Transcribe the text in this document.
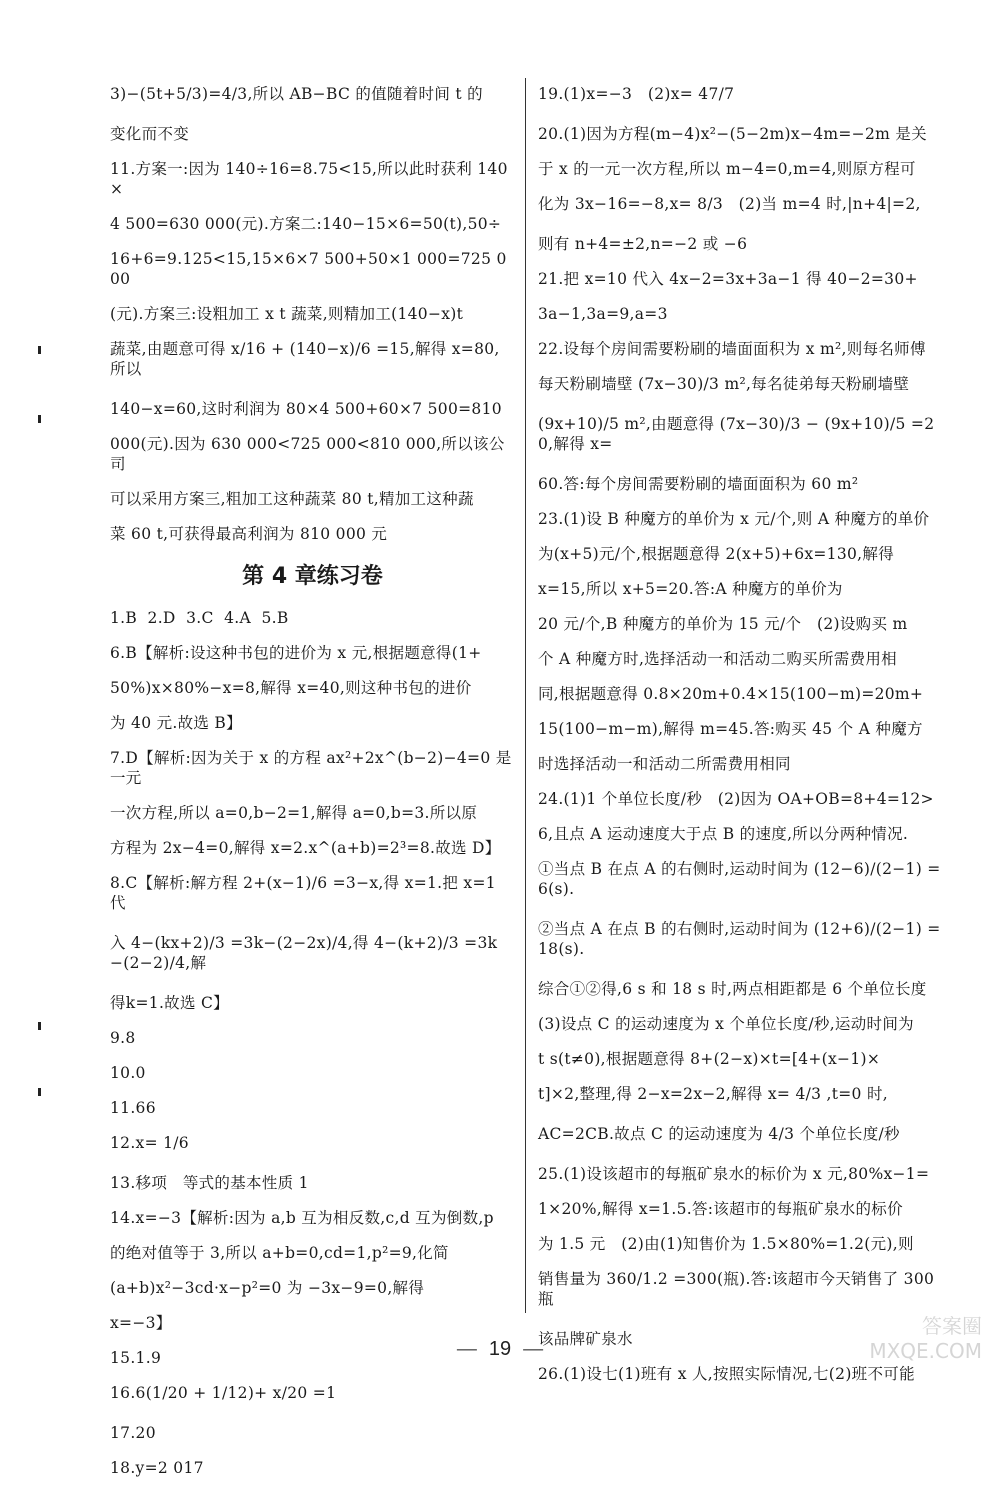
3)−(5t+5/3)=4/3,所以 AB−BC 的值随着时间 t 的
变化而不变
11.方案一:因为 140÷16=8.75<15,所以此时获利 140×
4 500=630 000(元).方案二:140−15×6=50(t),50÷
16+6=9.125<15,15×6×7 500+50×1 000=725 000
(元).方案三:设粗加工 x t 蔬菜,则精加工(140−x)t
蔬菜,由题意可得 x/16 + (140−x)/6 =15,解得 x=80,所以
140−x=60,这时利润为 80×4 500+60×7 500=810
000(元).因为 630 000<725 000<810 000,所以该公司
可以采用方案三,粗加工这种蔬菜 80 t,精加工这种蔬
菜 60 t,可获得最高利润为 810 000 元
第 4 章练习卷
1.B  2.D  3.C  4.A  5.B
6.B【解析:设这种书包的进价为 x 元,根据题意得(1+
50%)x×80%−x=8,解得 x=40,则这种书包的进价
为 40 元.故选 B】
7.D【解析:因为关于 x 的方程 ax²+2x^(b−2)−4=0 是一元
一次方程,所以 a=0,b−2=1,解得 a=0,b=3.所以原
方程为 2x−4=0,解得 x=2.x^(a+b)=2³=8.故选 D】
8.C【解析:解方程 2+(x−1)/6 =3−x,得 x=1.把 x=1 代
入 4−(kx+2)/3 =3k−(2−2x)/4,得 4−(k+2)/3 =3k−(2−2)/4,解
得k=1.故选 C】
9.8
10.0
11.66
12.x= 1/6
13.移项   等式的基本性质 1
14.x=−3【解析:因为 a,b 互为相反数,c,d 互为倒数,p
的绝对值等于 3,所以 a+b=0,cd=1,p²=9,化简
(a+b)x²−3cd·x−p²=0 为 −3x−9=0,解得
x=−3】
15.1.9
16.6(1/20 + 1/12)+ x/20 =1
17.20
18.y=2 017
19.(1)x=−3   (2)x= 47/7
20.(1)因为方程(m−4)x²−(5−2m)x−4m=−2m 是关
于 x 的一元一次方程,所以 m−4=0,m=4,则原方程可
化为 3x−16=−8,x= 8/3   (2)当 m=4 时,|n+4|=2,
则有 n+4=±2,n=−2 或 −6
21.把 x=10 代入 4x−2=3x+3a−1 得 40−2=30+
3a−1,3a=9,a=3
22.设每个房间需要粉刷的墙面面积为 x m²,则每名师傅
每天粉刷墙壁 (7x−30)/3 m²,每名徒弟每天粉刷墙壁
(9x+10)/5 m²,由题意得 (7x−30)/3 − (9x+10)/5 =20,解得 x=
60.答:每个房间需要粉刷的墙面面积为 60 m²
23.(1)设 B 种魔方的单价为 x 元/个,则 A 种魔方的单价
为(x+5)元/个,根据题意得 2(x+5)+6x=130,解得
x=15,所以 x+5=20.答:A 种魔方的单价为
20 元/个,B 种魔方的单价为 15 元/个   (2)设购买 m
个 A 种魔方时,选择活动一和活动二购买所需费用相
同,根据题意得 0.8×20m+0.4×15(100−m)=20m+
15(100−m−m),解得 m=45.答:购买 45 个 A 种魔方
时选择活动一和活动二所需费用相同
24.(1)1 个单位长度/秒   (2)因为 OA+OB=8+4=12>
6,且点 A 运动速度大于点 B 的速度,所以分两种情况.
①当点 B 在点 A 的右侧时,运动时间为 (12−6)/(2−1) =6(s).
②当点 A 在点 B 的右侧时,运动时间为 (12+6)/(2−1) =18(s).
综合①②得,6 s 和 18 s 时,两点相距都是 6 个单位长度
(3)设点 C 的运动速度为 x 个单位长度/秒,运动时间为
t s(t≠0),根据题意得 8+(2−x)×t=[4+(x−1)×
t]×2,整理,得 2−x=2x−2,解得 x= 4/3 ,t=0 时,
AC=2CB.故点 C 的运动速度为 4/3 个单位长度/秒
25.(1)设该超市的每瓶矿泉水的标价为 x 元,80%x−1=
1×20%,解得 x=1.5.答:该超市的每瓶矿泉水的标价
为 1.5 元   (2)由(1)知售价为 1.5×80%=1.2(元),则
销售量为 360/1.2 =300(瓶).答:该超市今天销售了 300 瓶
该品牌矿泉水
26.(1)设七(1)班有 x 人,按照实际情况,七(2)班不可能
— 19 —
答案圈
MXQE.COM
